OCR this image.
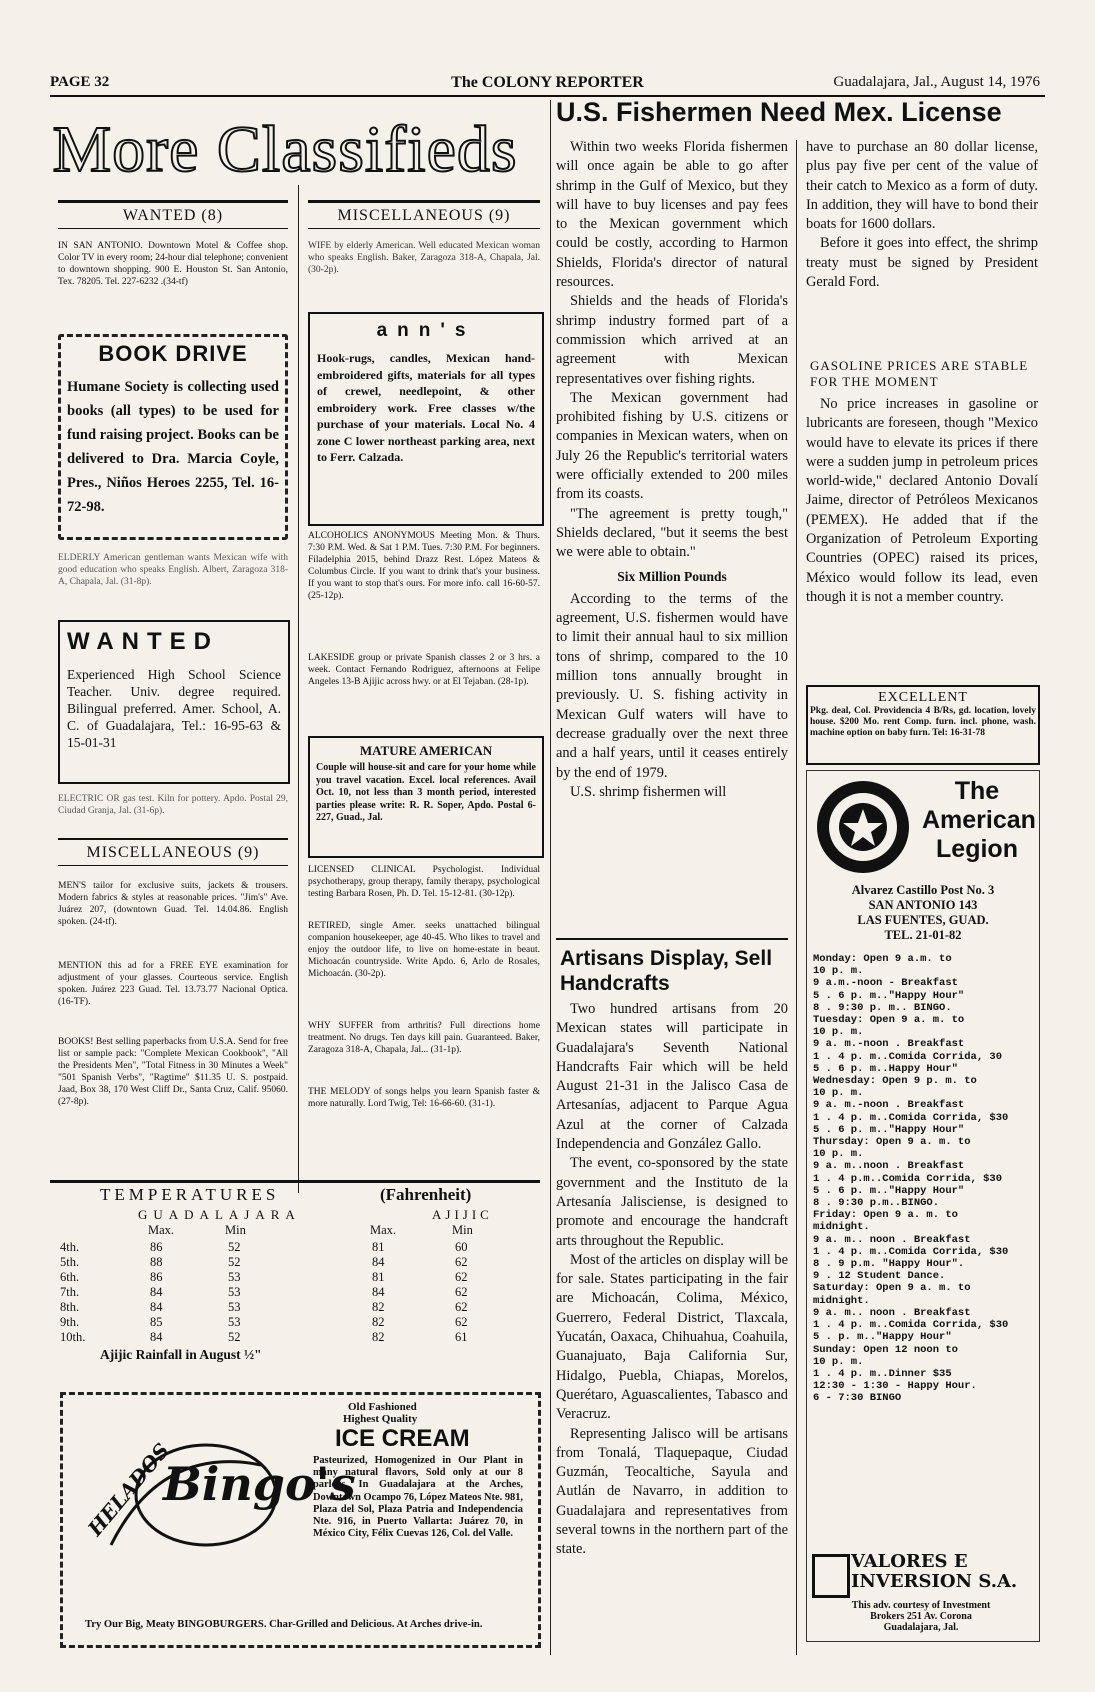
PAGE 32	The COLONY REPORTER	Guadalajara, Jal., August 14, 1976
More Classifieds
WANTED (8)
IN SAN ANTONIO. Downtown Motel & Coffee shop. Color TV in every room; 24-hour dial telephone; convenient to downtown shopping. 900 E. Houston St. San Antonio, Tex. 78205. Tel. 227-6232 .(34-tf)
BOOK DRIVE
Humane Society is collecting used books (all types) to be used for fund raising project. Books can be delivered to Dra. Marcia Coyle, Pres., Niños Heroes 2255, Tel. 16-72-98.
ELDERLY American gentleman wants Mexican wife with good education who speaks English. Albert, Zaragoza 318-A, Chapala, Jal. (31-8p).
WANTED
Experienced High School Science Teacher. Univ. degree required. Bilingual preferred. Amer. School, A. C. of Guadalajara, Tel.: 16-95-63 & 15-01-31
ELECTRIC OR gas test. Kiln for pottery. Apdo. Postal 29, Ciudad Granja, Jal. (31-6p).
MISCELLANEOUS (9)
MEN'S tailor for exclusive suits, jackets & trousers. Modern fabrics & styles at reasonable prices. "Jim's" Ave. Juárez 207, (downtown Guad. Tel. 14.04.86. English spoken. (24-tf).
MENTION this ad for a FREE EYE examination for adjustment of your glasses. Courteous service. English spoken. Juárez 223 Guad. Tel. 13.73.77 Nacional Optica. (16-TF).
BOOKS! Best selling paperbacks from U.S.A. Send for free list or sample pack: "Complete Mexican Cookbook", "All the Presidents Men", "Total Fitness in 30 Minutes a Week" "501 Spanish Verbs", "Ragtime" $11.35 U. S. postpaid. Jaad, Box 38, 170 West Cliff Dr., Santa Cruz, Calif. 95060. (27-8p).
MISCELLANEOUS (9)
WIFE by elderly American. Well educated Mexican woman who speaks English. Baker, Zaragoza 318-A, Chapala, Jal. (30-2p).
ann's
Hook-rugs, candles, Mexican hand-embroidered gifts, materials for all types of crewel, needlepoint, & other embroidery work. Free classes w/the purchase of your materials. Local No. 4 zone C lower northeast parking area, next to Ferr. Calzada.
ALCOHOLICS ANONYMOUS Meeting Mon. & Thurs. 7:30 P.M. Wed. & Sat 1 P.M. Tues. 7:30 P.M. For beginners. Filadelphia 2015, behind Drazz Rest. López Mateos & Columbus Circle. If you want to drink that's your business. If you want to stop that's ours. For more info. call 16-60-57. (25-12p).
LAKESIDE group or private Spanish classes 2 or 3 hrs. a week. Contact Fernando Rodriguez, afternoons at Felipe Angeles 13-B Ajijic across hwy. or at El Tejaban. (28-1p).
MATURE AMERICAN
Couple will house-sit and care for your home while you travel vacation. Excel. local references. Avail Oct. 10, not less than 3 month period, interested parties please write: R. R. Soper, Apdo. Postal 6-227, Guad., Jal.
LICENSED CLINICAL Psychologist. Individual psychotherapy, group therapy, family therapy, psychological testing Barbara Rosen, Ph. D. Tel. 15-12-81. (30-12p).
RETIRED, single Amer. seeks unattached bilingual companion housekeeper, age 40-45. Who likes to travel and enjoy the outdoor life, to live on home-estate in beaut. Michoacán countryside. Write Apdo. 6, Arlo de Rosales, Michoacán. (30-2p).
WHY SUFFER from arthritis? Full directions home treatment. No drugs. Ten days kill pain. Guaranteed. Baker, Zaragoza 318-A, Chapala, Jal... (31-1p).
THE MELODY of songs helps you learn Spanish faster & more naturally. Lord Twig, Tel: 16-66-60. (31-1).
TEMPERATURES	(Fahrenheit)
GUADALAJARA	AJIJIC
Max.	Min	Max.	Min
4th.	86	52	81	60
5th.	88	52	84	62
6th.	86	53	81	62
7th.	84	53	84	62
8th.	84	53	82	62
9th.	85	53	82	62
10th.	84	52	82	61
Ajijic Rainfall in August ½"
HELADOS
Bingo's
Old Fashioned
Highest Quality
ICE CREAM
Pasteurized, Homogenized in Our Plant in many natural flavors, Sold only at our 8 parlors. In Guadalajara at the Arches, Downtown Ocampo 76, López Mateos Nte. 981, Plaza del Sol, Plaza Patria and Independencia Nte. 916, in Puerto Vallarta: Juárez 70, in México City, Félix Cuevas 126, Col. del Valle.
Try Our Big, Meaty BINGOBURGERS. Char-Grilled and Delicious. At Arches drive-in.
U.S. Fishermen Need Mex. License

Within two weeks Florida fishermen will once again be able to go after shrimp in the Gulf of Mexico, but they will have to buy licenses and pay fees to the Mexican government which could be costly, according to Harmon Shields, Florida's director of natural resources.

Shields and the heads of Florida's shrimp industry formed part of a commission which arrived at an agreement with Mexican representatives over fishing rights.

The Mexican government had prohibited fishing by U.S. citizens or companies in Mexican waters, when on July 26 the Republic's territorial waters were officially extended to 200 miles from its coasts.

"The agreement is pretty tough," Shields declared, "but it seems the best we were able to obtain."

Six Million Pounds

According to the terms of the agreement, U.S. fishermen would have to limit their annual haul to six million tons of shrimp, compared to the 10 million tons annually brought in previously. U. S. fishing activity in Mexican Gulf waters will have to decrease gradually over the next three and a half years, until it ceases entirely by the end of 1979.

U.S. shrimp fishermen will

Artisans Display, Sell Handcrafts

Two hundred artisans from 20 Mexican states will participate in Guadalajara's Seventh National Handcrafts Fair which will be held August 21-31 in the Jalisco Casa de Artesanías, adjacent to Parque Agua Azul at the corner of Calzada Independencia and González Gallo.

The event, co-sponsored by the state government and the Instituto de la Artesanía Jalisciense, is designed to promote and encourage the handcraft arts throughout the Republic.

Most of the articles on display will be for sale. States participating in the fair are Michoacán, Colima, México, Guerrero, Federal District, Tlaxcala, Yucatán, Oaxaca, Chihuahua, Coahuila, Guanajuato, Baja California Sur, Hidalgo, Puebla, Chiapas, Morelos, Querétaro, Aguascalientes, Tabasco and Veracruz.

Representing Jalisco will be artisans from Tonalá, Tlaquepaque, Ciudad Guzmán, Teocaltiche, Sayula and Autlán de Navarro, in addition to Guadalajara and representatives from several towns in the northern part of the state.

have to purchase an 80 dollar license, plus pay five per cent of the value of their catch to Mexico as a form of duty. In addition, they will have to bond their boats for 1600 dollars.

Before it goes into effect, the shrimp treaty must be signed by President Gerald Ford.

GASOLINE PRICES ARE STABLE FOR THE MOMENT

No price increases in gasoline or lubricants are foreseen, though "Mexico would have to elevate its prices if there were a sudden jump in petroleum prices world-wide," declared Antonio Dovalí Jaime, director of Petróleos Mexicanos (PEMEX). He added that if the Organization of Petroleum Exporting Countries (OPEC) raised its prices, México would follow its lead, even though it is not a member country.

EXCELLENT
Pkg. deal, Col. Providencia 4 B/Rs, gd. location, lovely house. $200 Mo. rent Comp. furn. incl. phone, wash. machine option on baby furn. Tel: 16-31-78
The
American
Legion
Alvarez Castillo Post No. 3
SAN ANTONIO 143
LAS FUENTES, GUAD.
TEL. 21-01-82
Monday: Open 9 a.m. to
10 p. m.
9 a.m.-noon - Breakfast
5 . 6 p. m.."Happy Hour"
8 . 9:30 p. m.. BINGO.
Tuesday: Open 9 a. m. to
10 p. m.
9 a. m.-noon . Breakfast
1 . 4 p. m..Comida Corrida, 30
5 . 6 p. m..Happy Hour"
Wednesday: Open 9 p. m. to
10 p. m.
9 a. m.-noon . Breakfast
1 . 4 p. m..Comida Corrida, $30
5 . 6 p. m.."Happy Hour"
Thursday: Open 9 a. m. to
10 p. m.
9 a. m..noon . Breakfast
1 . 4 p.m..Comida Corrida, $30
5 . 6 p. m.."Happy Hour"
8 . 9:30 p.m..BINGO.
Friday: Open 9 a. m. to
midnight.
9 a. m.. noon . Breakfast
1 . 4 p. m..Comida Corrida, $30
8 . 9 p.m. "Happy Hour".
9 . 12 Student Dance.
Saturday: Open 9 a. m. to
midnight.
9 a. m.. noon . Breakfast
1 . 4 p. m..Comida Corrida, $30
5 . p. m.."Happy Hour"
Sunday: Open 12 noon to
10 p. m.
1 . 4 p. m..Dinner $35
12:30 - 1:30 - Happy Hour.
6 - 7:30 BINGO
VALORES E INVERSION S.A.
This adv. courtesy of Investment Brokers 251 Av. Corona Guadalajara, Jal.
